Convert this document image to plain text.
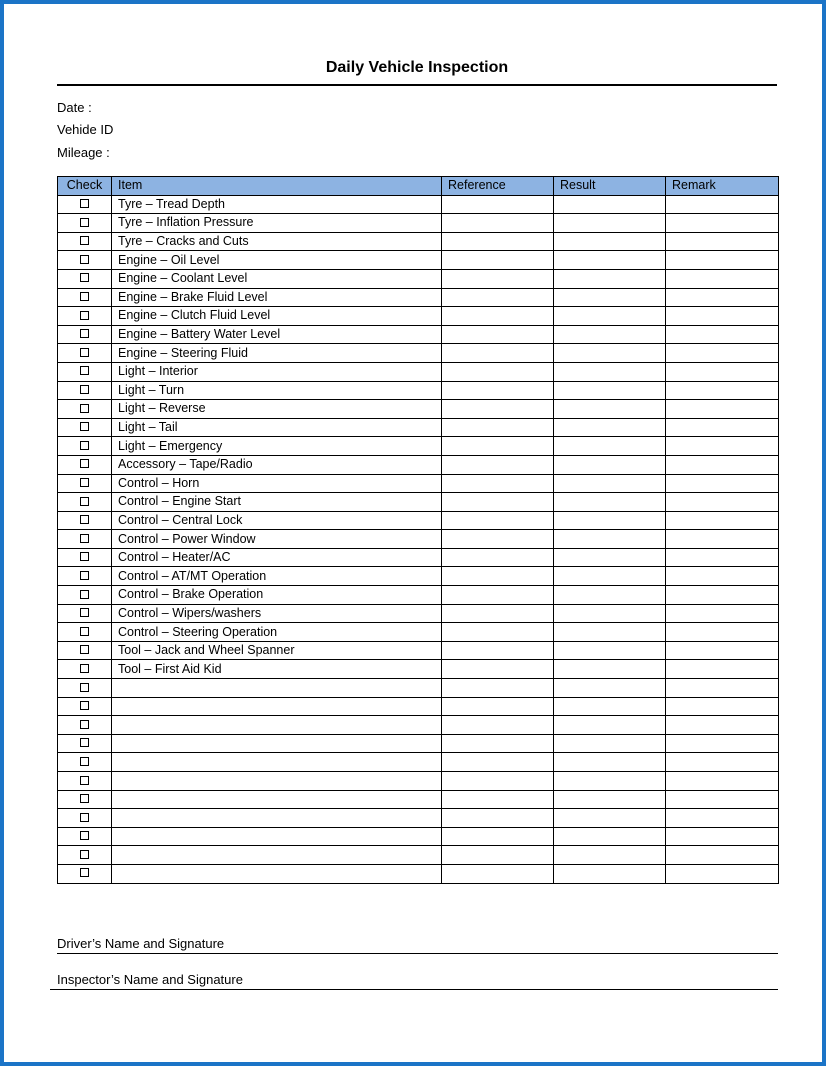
Daily Vehicle Inspection
Date :
Vehide ID
Mileage :
Check	Item	Reference	Result	Remark
	Tyre – Tread Depth			
	Tyre – Inflation Pressure			
	Tyre – Cracks and Cuts			
	Engine – Oil Level			
	Engine – Coolant Level			
	Engine – Brake Fluid Level			
	Engine – Clutch Fluid Level			
	Engine – Battery Water Level			
	Engine – Steering Fluid			
	Light – Interior			
	Light – Turn			
	Light – Reverse			
	Light – Tail			
	Light – Emergency			
	Accessory – Tape/Radio			
	Control – Horn			
	Control – Engine Start			
	Control – Central Lock			
	Control – Power Window			
	Control – Heater/AC			
	Control – AT/MT Operation			
	Control – Brake Operation			
	Control – Wipers/washers			
	Control – Steering Operation			
	Tool – Jack and Wheel Spanner			
	Tool – First Aid Kid			

Driver’s Name and Signature
Inspector’s Name and Signature
